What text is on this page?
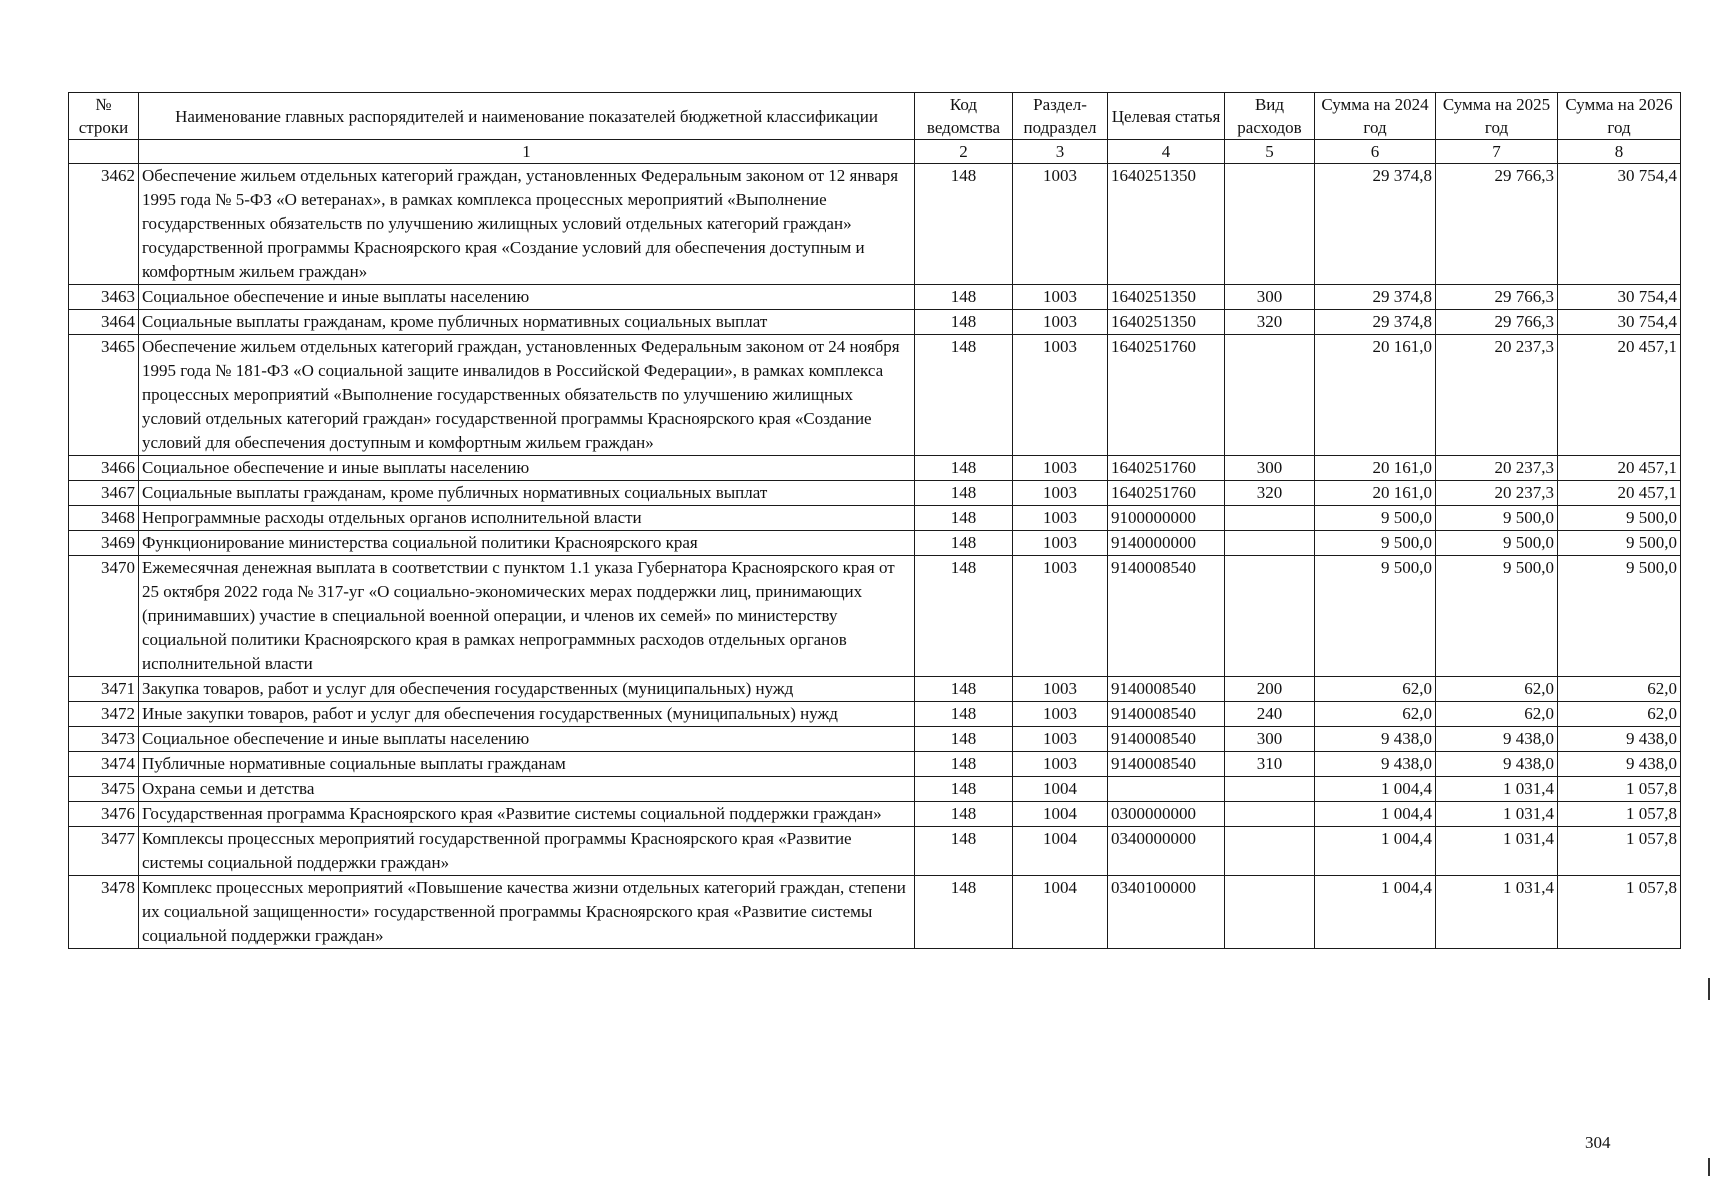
№ строки	Наименование главных распорядителей и наименование показателей бюджетной классификации	Код ведомства	Раздел-подраздел	Целевая статья	Вид расходов	Сумма на 2024 год	Сумма на 2025 год	Сумма на 2026 год
	1	2	3	4	5	6	7	8
3462	Обеспечение жильем отдельных категорий граждан, установленных Федеральным законом от 12 января 1995 года № 5-ФЗ «О ветеранах», в рамках комплекса процессных мероприятий «Выполнение государственных обязательств по улучшению жилищных условий отдельных категорий граждан» государственной программы Красноярского края «Создание условий для обеспечения доступным и комфортным жильем граждан»	148	1003	1640251350		29 374,8	29 766,3	30 754,4
3463	Социальное обеспечение и иные выплаты населению	148	1003	1640251350	300	29 374,8	29 766,3	30 754,4
3464	Социальные выплаты гражданам, кроме публичных нормативных социальных выплат	148	1003	1640251350	320	29 374,8	29 766,3	30 754,4
3465	Обеспечение жильем отдельных категорий граждан, установленных Федеральным законом от 24 ноября 1995 года № 181-ФЗ «О социальной защите инвалидов в Российской Федерации», в рамках комплекса процессных мероприятий «Выполнение государственных обязательств по улучшению жилищных условий отдельных категорий граждан» государственной программы Красноярского края «Создание условий для обеспечения доступным и комфортным жильем граждан»	148	1003	1640251760		20 161,0	20 237,3	20 457,1
3466	Социальное обеспечение и иные выплаты населению	148	1003	1640251760	300	20 161,0	20 237,3	20 457,1
3467	Социальные выплаты гражданам, кроме публичных нормативных социальных выплат	148	1003	1640251760	320	20 161,0	20 237,3	20 457,1
3468	Непрограммные расходы отдельных органов исполнительной власти	148	1003	9100000000		9 500,0	9 500,0	9 500,0
3469	Функционирование министерства социальной политики Красноярского края	148	1003	9140000000		9 500,0	9 500,0	9 500,0
3470	Ежемесячная денежная выплата в соответствии с пунктом 1.1 указа Губернатора Красноярского края от 25 октября 2022 года № 317-уг «О социально-экономических мерах поддержки лиц, принимающих (принимавших) участие в специальной военной операции, и членов их семей» по министерству социальной политики Красноярского края в рамках непрограммных расходов отдельных органов исполнительной власти	148	1003	9140008540		9 500,0	9 500,0	9 500,0
3471	Закупка товаров, работ и услуг для обеспечения государственных (муниципальных) нужд	148	1003	9140008540	200	62,0	62,0	62,0
3472	Иные закупки товаров, работ и услуг для обеспечения государственных (муниципальных) нужд	148	1003	9140008540	240	62,0	62,0	62,0
3473	Социальное обеспечение и иные выплаты населению	148	1003	9140008540	300	9 438,0	9 438,0	9 438,0
3474	Публичные нормативные социальные выплаты гражданам	148	1003	9140008540	310	9 438,0	9 438,0	9 438,0
3475	Охрана семьи и детства	148	1004			1 004,4	1 031,4	1 057,8
3476	Государственная программа Красноярского края «Развитие системы социальной поддержки граждан»	148	1004	0300000000		1 004,4	1 031,4	1 057,8
3477	Комплексы процессных мероприятий государственной программы Красноярского края «Развитие системы социальной поддержки граждан»	148	1004	0340000000		1 004,4	1 031,4	1 057,8
3478	Комплекс процессных мероприятий «Повышение качества жизни отдельных категорий граждан, степени их социальной защищенности» государственной программы Красноярского края «Развитие системы социальной поддержки граждан»	148	1004	0340100000		1 004,4	1 031,4	1 057,8
304
